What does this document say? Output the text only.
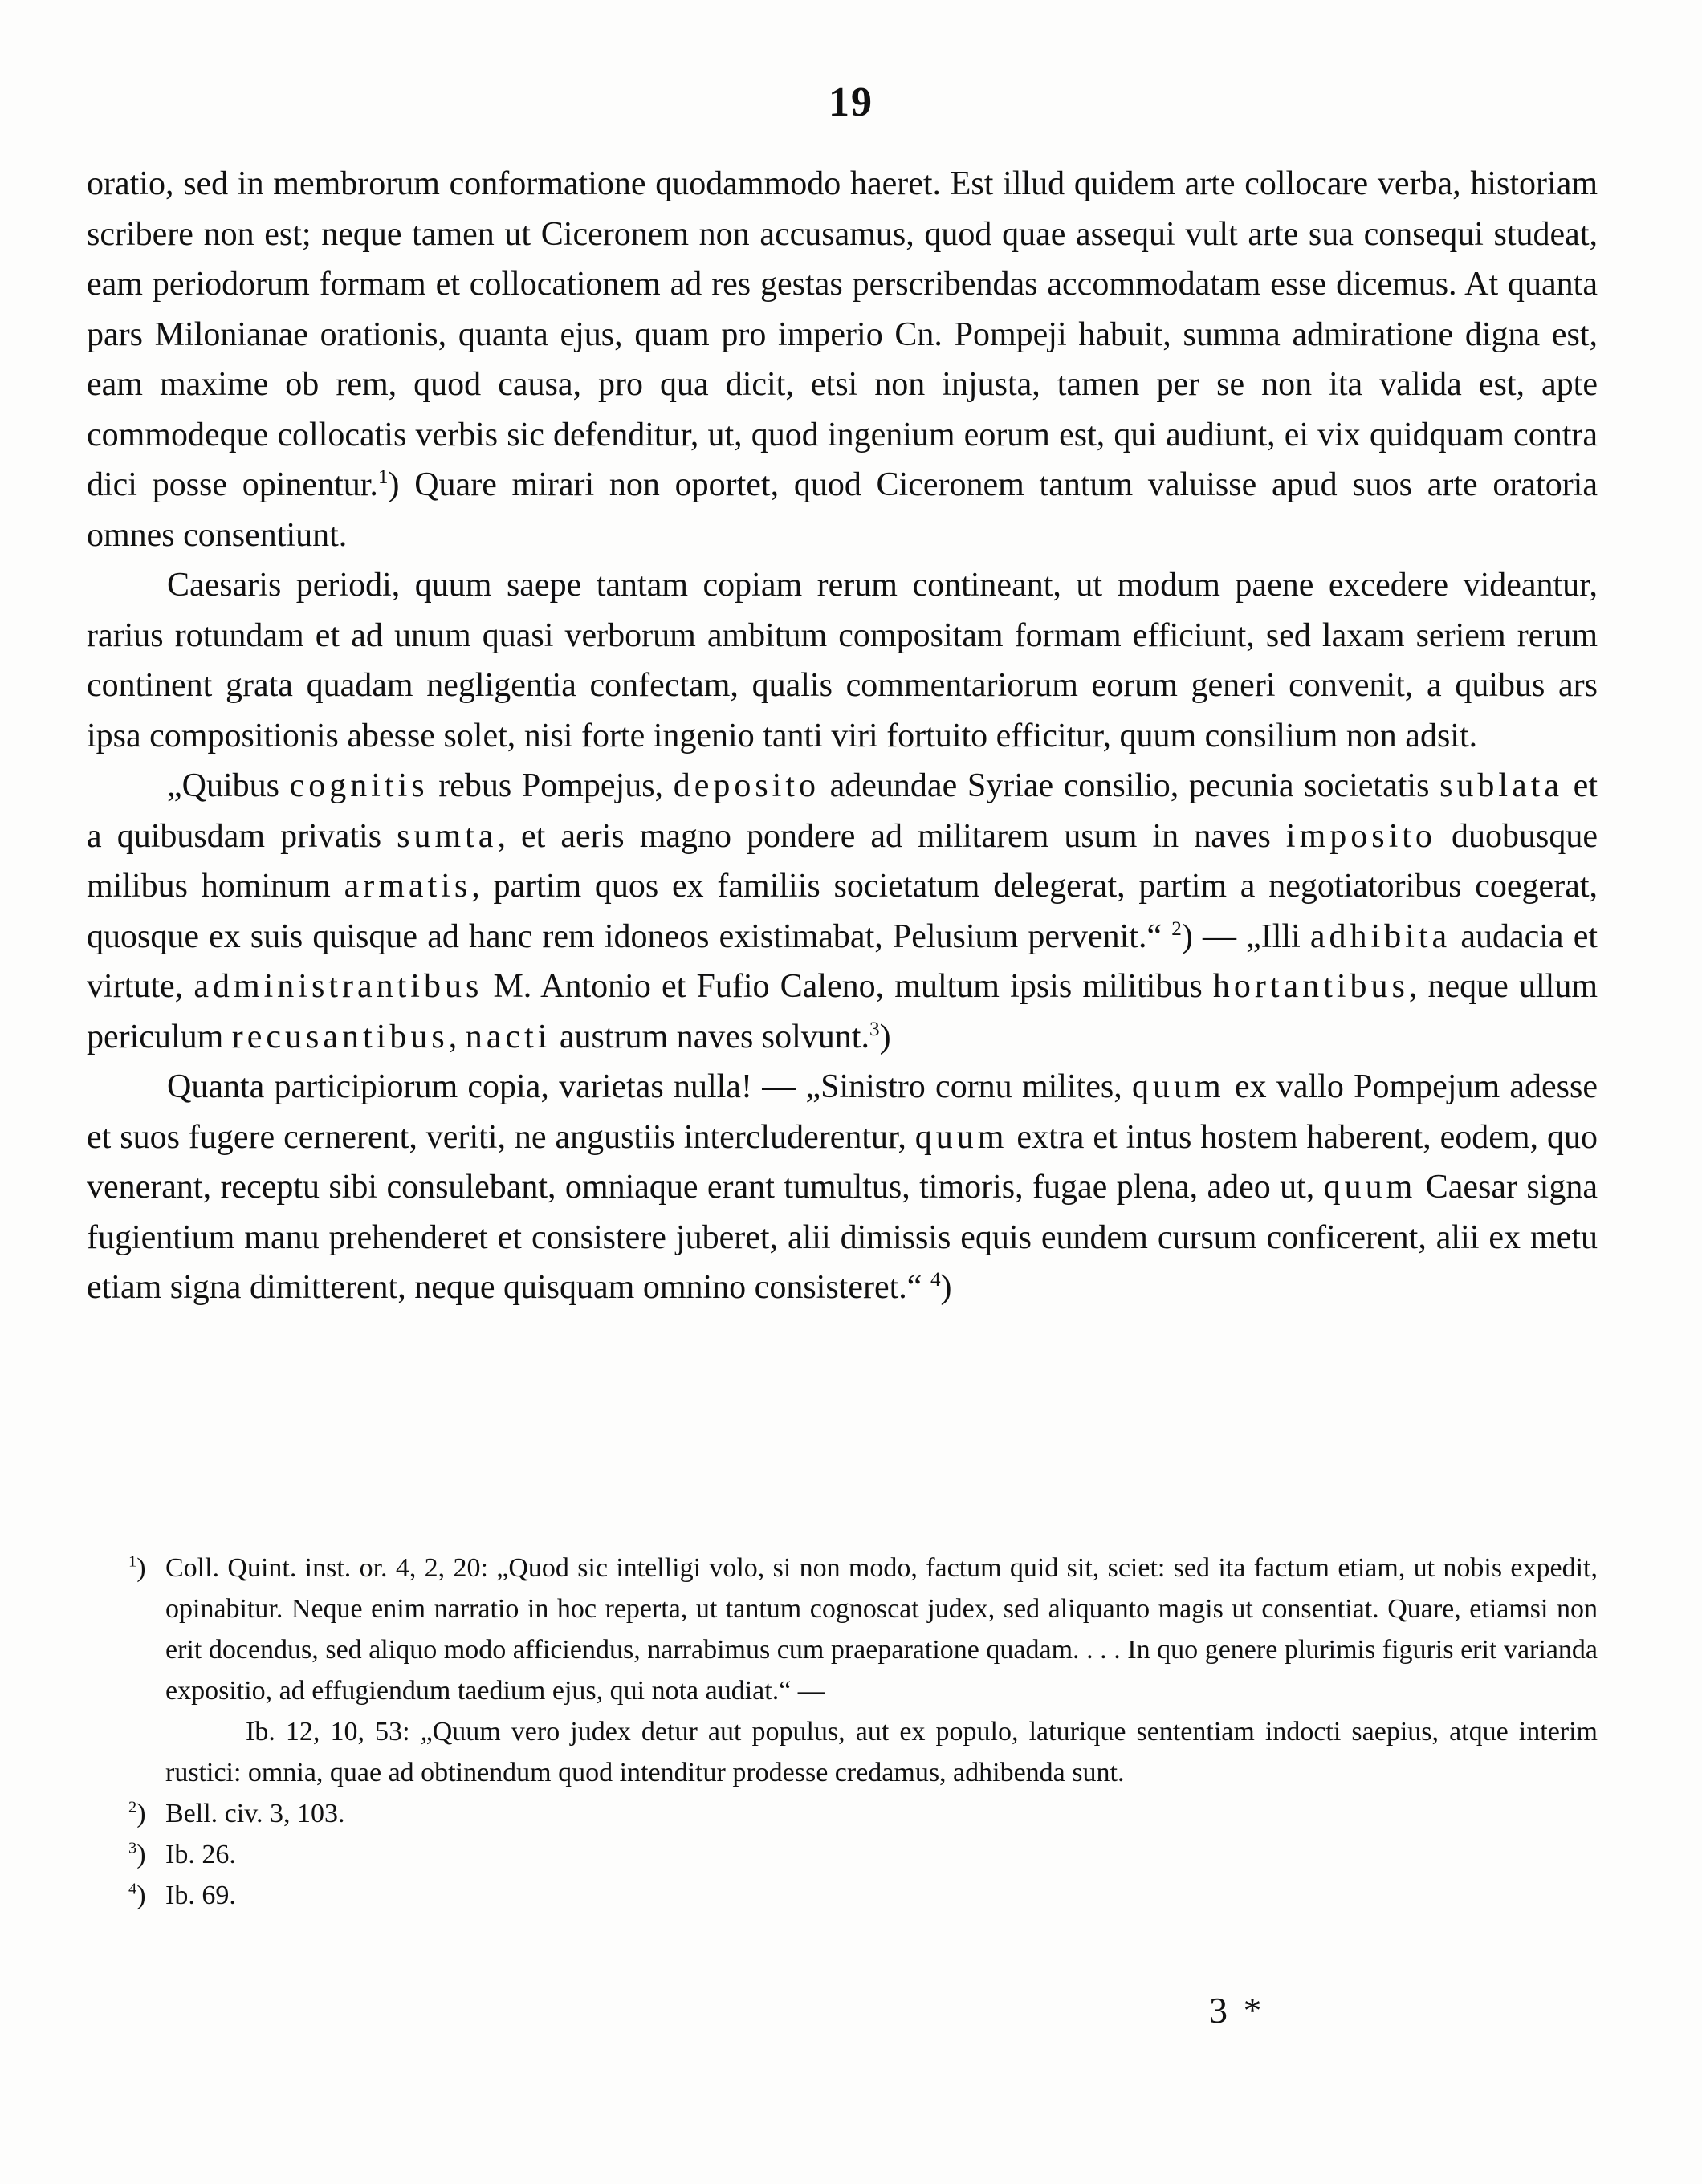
19

oratio, sed in membrorum conformatione quodammodo haeret. Est illud quidem arte collocare verba, historiam scribere non est; neque tamen ut Ciceronem non accusamus, quod quae assequi vult arte sua consequi studeat, eam periodorum formam et collocationem ad res gestas perscribendas accommodatam esse dicemus. At quanta pars Milonianae orationis, quanta ejus, quam pro imperio Cn. Pompeji habuit, summa admiratione digna est, eam maxime ob rem, quod causa, pro qua dicit, etsi non injusta, tamen per se non ita valida est, apte commodeque collocatis verbis sic defenditur, ut, quod ingenium eorum est, qui audiunt, ei vix quidquam contra dici posse opinentur.$^1$) Quare mirari non oportet, quod Ciceronem tantum valuisse apud suos arte oratoria omnes consentiunt.

Caesaris periodi, quum saepe tantam copiam rerum contineant, ut modum paene excedere videantur, rarius rotundam et ad unum quasi verborum ambitum compositam formam efficiunt, sed laxam seriem rerum continent grata quadam negligentia confectam, qualis commentariorum eorum generi convenit, a quibus ars ipsa compositionis abesse solet, nisi forte ingenio tanti viri fortuito efficitur, quum consilium non adsit.

„Quibus cognitis rebus Pompejus, deposito adeundae Syriae consilio, pecunia societatis sublata et a quibusdam privatis sumta, et aeris magno pondere ad militarem usum in naves imposito duobusque milibus hominum armatis, partim quos ex familiis societatum delegerat, partim a negotiatoribus coegerat, quosque ex suis quisque ad hanc rem idoneos existimabat, Pelusium pervenit.“ $^2$) — „Illi adhibita audacia et virtute, administrantibus M. Antonio et Fufio Caleno, multum ipsis militibus hortantibus, neque ullum periculum recusantibus, nacti austrum naves solvunt.$^3$)

Quanta participiorum copia, varietas nulla! — „Sinistro cornu milites, quum ex vallo Pompejum adesse et suos fugere cernerent, veriti, ne angustiis intercluderentur, quum extra et intus hostem haberent, eodem, quo venerant, receptu sibi consulebant, omniaque erant tumultus, timoris, fugae plena, adeo ut, quum Caesar signa fugientium manu prehenderet et consistere juberet, alii dimissis equis eundem cursum conficerent, alii ex metu etiam signa dimitterent, neque quisquam omnino consisteret.“ $^4$)

$^1$) Coll. Quint. inst. or. 4, 2, 20: „Quod sic intelligi volo, si non modo, factum quid sit, sciet: sed ita factum etiam, ut nobis expedit, opinabitur. Neque enim narratio in hoc reperta, ut tantum cognoscat judex, sed aliquanto magis ut consentiat. Quare, etiamsi non erit docendus, sed aliquo modo afficiendus, narrabimus cum praeparatione quadam. . . . In quo genere plurimis figuris erit varianda expositio, ad effugiendum taedium ejus, qui nota audiat.“ —

Ib. 12, 10, 53: „Quum vero judex detur aut populus, aut ex populo, laturique sententiam indocti saepius, atque interim rustici: omnia, quae ad obtinendum quod intenditur prodesse credamus, adhibenda sunt.

$^2$) Bell. civ. 3, 103.

$^3$) Ib. 26.

$^4$) Ib. 69.

3 *
